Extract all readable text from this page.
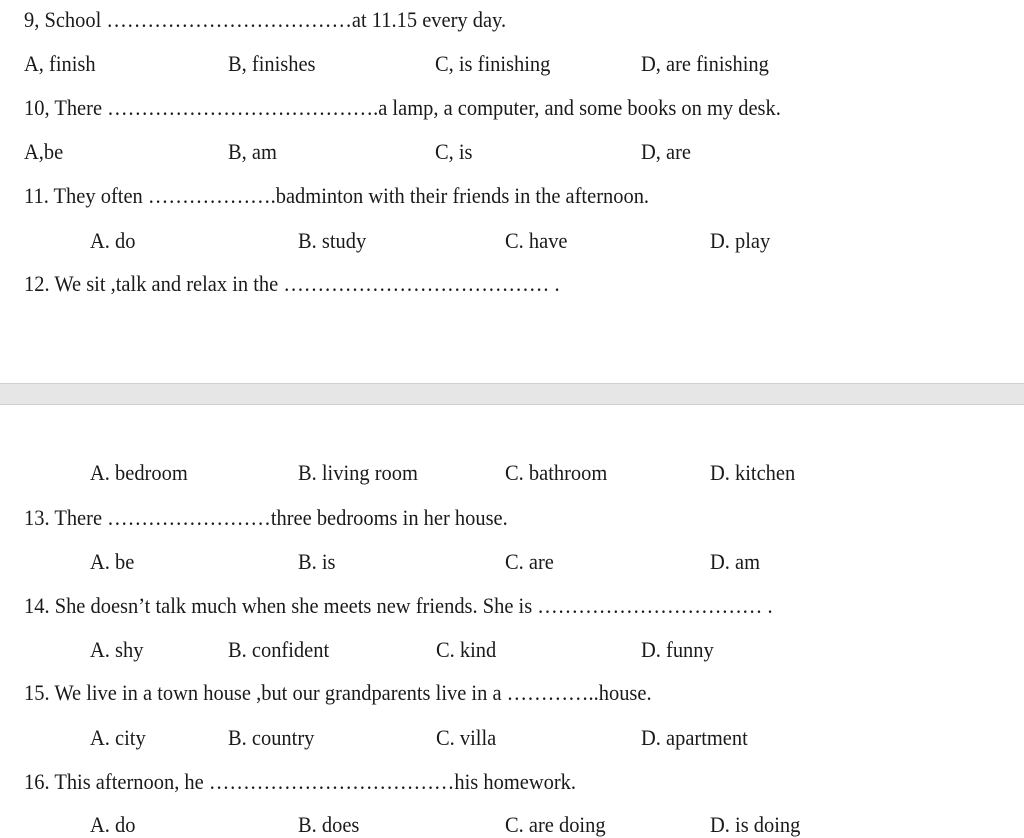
9, School ………………………………at 11.15 every day.
A, finish	B, finishes	C, is finishing	D, are finishing
10, There ………………………………….a lamp, a computer, and some books on my desk.
A,be	B, am	C, is	D, are
11. They often ……………….badminton with their friends in the afternoon.
A. do	B. study	C. have	D. play
12. We sit ,talk and relax in the ………………………………… .
A. bedroom	B. living room	C. bathroom	D. kitchen
13. There ……………………three bedrooms in her house.
A. be	B. is	C. are	D. am
14. She doesn’t talk much when she meets new friends. She is …………………………… .
A. shy	B. confident	C. kind	D. funny
15. We live in a town house ,but our grandparents live in a …………..house.
A. city	B. country	C. villa	D. apartment
16. This afternoon, he ………………………………his homework.
A. do	B. does	C. are doing	D. is doing
